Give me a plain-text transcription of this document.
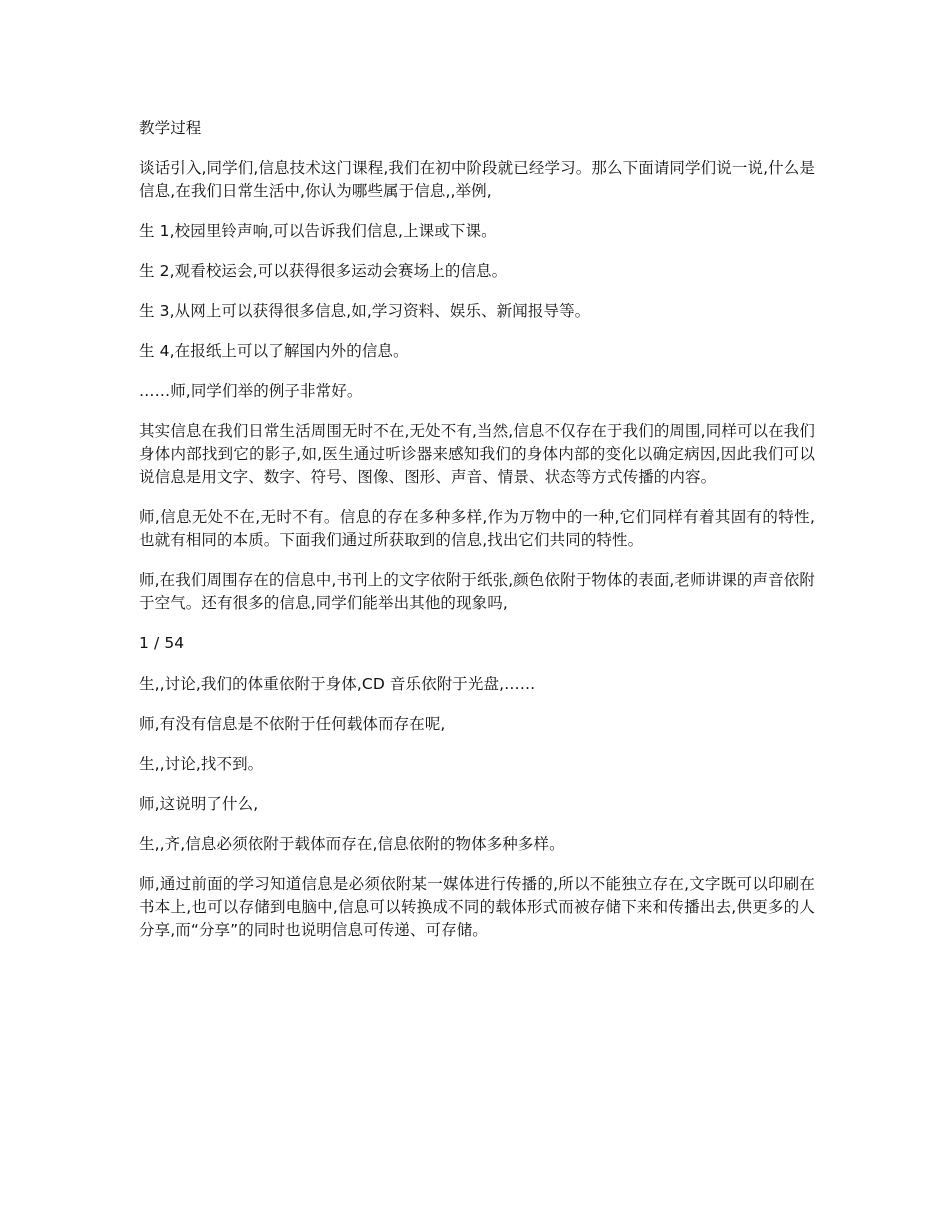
教学过程

谈话引入,同学们,信息技术这门课程,我们在初中阶段就已经学习。那么下面请同学们说一说,什么是信息,在我们日常生活中,你认为哪些属于信息,,举例,

生 1,校园里铃声响,可以告诉我们信息,上课或下课。

生 2,观看校运会,可以获得很多运动会赛场上的信息。

生 3,从网上可以获得很多信息,如,学习资料、娱乐、新闻报导等。

生 4,在报纸上可以了解国内外的信息。

……师,同学们举的例子非常好。

其实信息在我们日常生活周围无时不在,无处不有,当然,信息不仅存在于我们的周围,同样可以在我们身体内部找到它的影子,如,医生通过听诊器来感知我们的身体内部的变化以确定病因,因此我们可以说信息是用文字、数字、符号、图像、图形、声音、情景、状态等方式传播的内容。

师,信息无处不在,无时不有。信息的存在多种多样,作为万物中的一种,它们同样有着其固有的特性,也就有相同的本质。下面我们通过所获取到的信息,找出它们共同的特性。

师,在我们周围存在的信息中,书刊上的文字依附于纸张,颜色依附于物体的表面,老师讲课的声音依附于空气。还有很多的信息,同学们能举出其他的现象吗,

1 / 54

生,,讨论,我们的体重依附于身体,CD 音乐依附于光盘,……

师,有没有信息是不依附于任何载体而存在呢,

生,,讨论,找不到。

师,这说明了什么,

生,,齐,信息必须依附于载体而存在,信息依附的物体多种多样。

师,通过前面的学习知道信息是必须依附某一媒体进行传播的,所以不能独立存在,文字既可以印刷在书本上,也可以存储到电脑中,信息可以转换成不同的载体形式而被存储下来和传播出去,供更多的人分享,而“分享”的同时也说明信息可传递、可存储。
